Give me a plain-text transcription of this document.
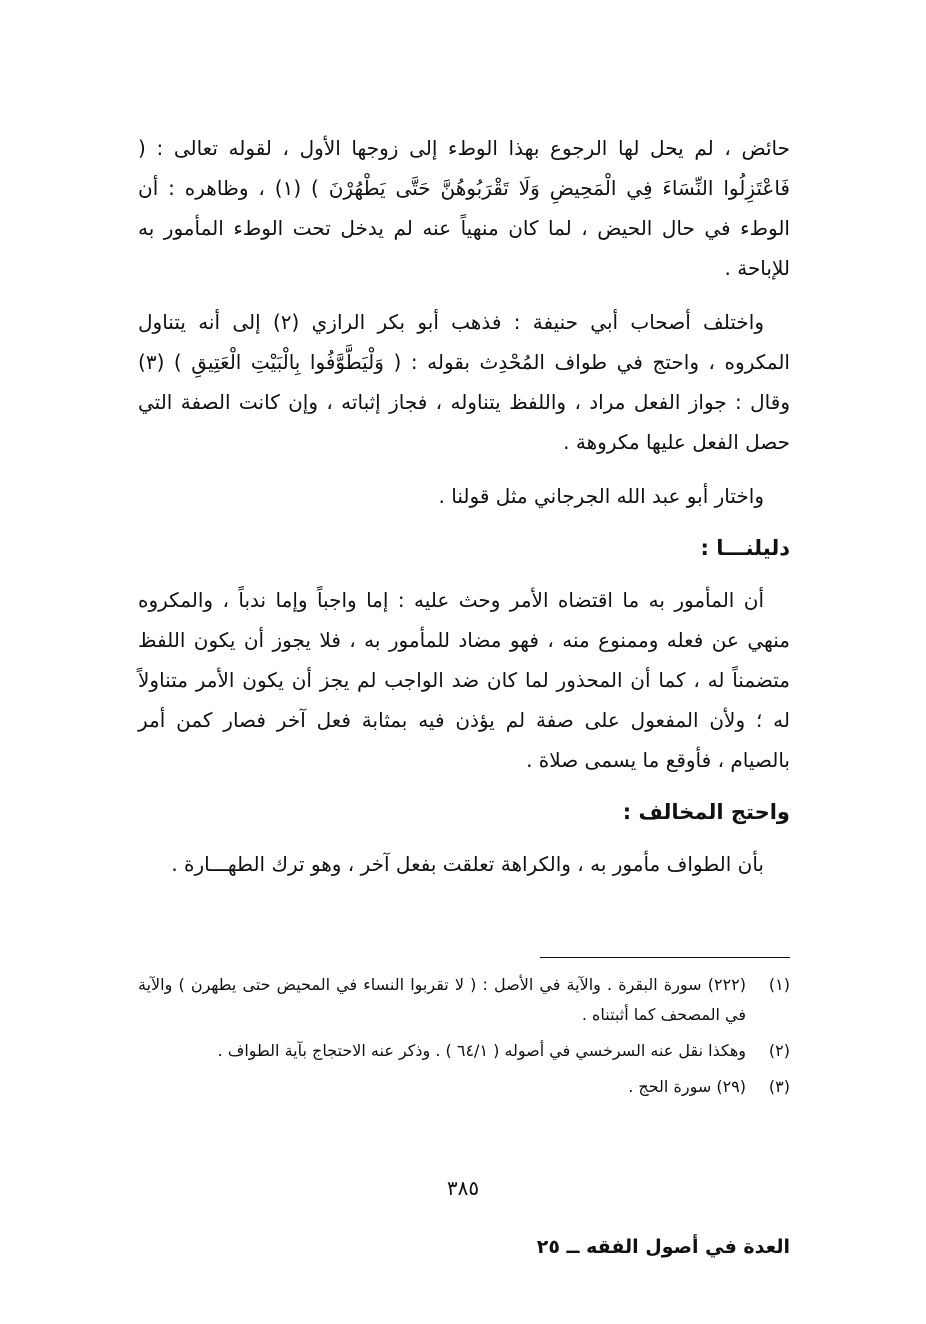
حائض ، لم يحل لها الرجوع بهذا الوطء إلى زوجها الأول ، لقوله تعالى : ( فَاعْتَزِلُوا النِّسَاءَ فِي الْمَحِيضِ وَلَا تَقْرَبُوهُنَّ حَتَّى يَطْهُرْنَ ) (١) ، وظاهره : أن الوطء في حال الحيض ، لما كان منهياً عنه لم يدخل تحت الوطء المأمور به للإباحة .

واختلف أصحاب أبي حنيفة : فذهب أبو بكر الرازي (٢) إلى أنه يتناول المكروه ، واحتج في طواف المُحْدِث بقوله : ( وَلْيَطَّوَّفُوا بِالْبَيْتِ الْعَتِيقِ ) (٣) وقال : جواز الفعل مراد ، واللفظ يتناوله ، فجاز إثباته ، وإن كانت الصفة التي حصل الفعل عليها مكروهة .

واختار أبو عبد الله الجرجاني مثل قولنا .

دليلنـــا :

أن المأمور به ما اقتضاه الأمر وحث عليه : إما واجباً وإما ندباً ، والمكروه منهي عن فعله وممنوع منه ، فهو مضاد للمأمور به ، فلا يجوز أن يكون اللفظ متضمناً له ، كما أن المحذور لما كان ضد الواجب لم يجز أن يكون الأمر متناولاً له ؛ ولأن المفعول على صفة لم يؤذن فيه بمثابة فعل آخر فصار كمن أمر بالصيام ، فأوقع ما يسمى صلاة .

واحتج المخالف :

بأن الطواف مأمور به ، والكراهة تعلقت بفعل آخر ، وهو ترك الطهـــارة .

(١)
(٢٢٢) سورة البقرة . والآية في الأصل : ( لا تقربوا النساء في المحيض حتى يطهرن ) والآية في المصحف كما أثبتناه .
(٢)
وهكذا نقل عنه السرخسي في أصوله ( ٦٤/١ ) . وذكر عنه الاحتجاج بآية الطواف .
(٣)
(٢٩) سورة الحج .
٣٨٥
العدة في أصول الفقه ــ ٢٥
